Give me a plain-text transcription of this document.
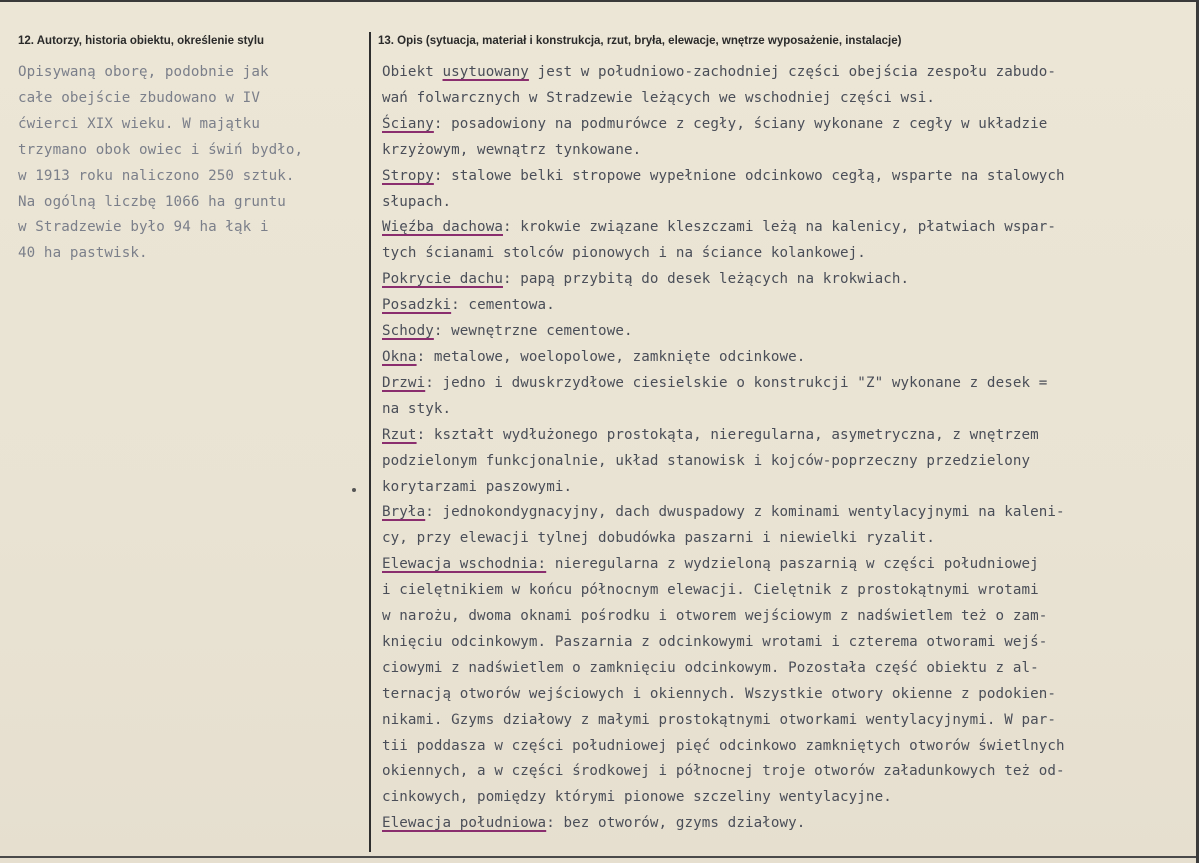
12. Autorzy, historia obiektu, określenie stylu	13. Opis (sytuacja, materiał i konstrukcja, rzut, bryła, elewacje, wnętrze wyposażenie, instalacje)
Opisywaną oborę, podobnie jak
całe obejście zbudowano w IV
ćwierci XIX wieku. W majątku
trzymano obok owiec i świń bydło,
w 1913 roku naliczono 250 sztuk.
Na ogólną liczbę 1066 ha gruntu
w Stradzewie było 94 ha łąk i
40 ha pastwisk.
Obiekt usytuowany jest w południowo-zachodniej części obejścia zespołu zabudo-
wań folwarcznych w Stradzewie leżących we wschodniej części wsi.
Ściany: posadowiony na podmurówce z cegły, ściany wykonane z cegły w układzie
krzyżowym, wewnątrz tynkowane.
Stropy: stalowe belki stropowe wypełnione odcinkowo cegłą, wsparte na stalowych
słupach.
Więźba dachowa: krokwie związane kleszczami leżą na kalenicy, płatwiach wspar-
tych ścianami stolców pionowych i na ściance kolankowej.
Pokrycie dachu: papą przybitą do desek leżących na krokwiach.
Posadzki: cementowa.
Schody: wewnętrzne cementowe.
Okna: metalowe, woelopolowe, zamknięte odcinkowe.
Drzwi: jedno i dwuskrzydłowe ciesielskie o konstrukcji "Z" wykonane z desek =
na styk.
Rzut: kształt wydłużonego prostokąta, nieregularna, asymetryczna, z wnętrzem
podzielonym funkcjonalnie, układ stanowisk i kojców-poprzeczny przedzielony
korytarzami paszowymi.
Bryła: jednokondygnacyjny, dach dwuspadowy z kominami wentylacyjnymi na kaleni-
cy, przy elewacji tylnej dobudówka paszarni i niewielki ryzalit.
Elewacja wschodnia: nieregularna z wydzieloną paszarnią w części południowej
i cielętnikiem w końcu północnym elewacji. Cielętnik z prostokątnymi wrotami
w narożu, dwoma oknami pośrodku i otworem wejściowym z nadświetlem też o zam-
knięciu odcinkowym. Paszarnia z odcinkowymi wrotami i czterema otworami wejś-
ciowymi z nadświetlem o zamknięciu odcinkowym. Pozostała część obiektu z al-
ternacją otworów wejściowych i okiennych. Wszystkie otwory okienne z podokien-
nikami. Gzyms działowy z małymi prostokątnymi otworkami wentylacyjnymi. W par-
tii poddasza w części południowej pięć odcinkowo zamkniętych otworów świetlnych
okiennych, a w części środkowej i północnej troje otworów załadunkowych też od-
cinkowych, pomiędzy którymi pionowe szczeliny wentylacyjne.
Elewacja południowa: bez otworów, gzyms działowy.
